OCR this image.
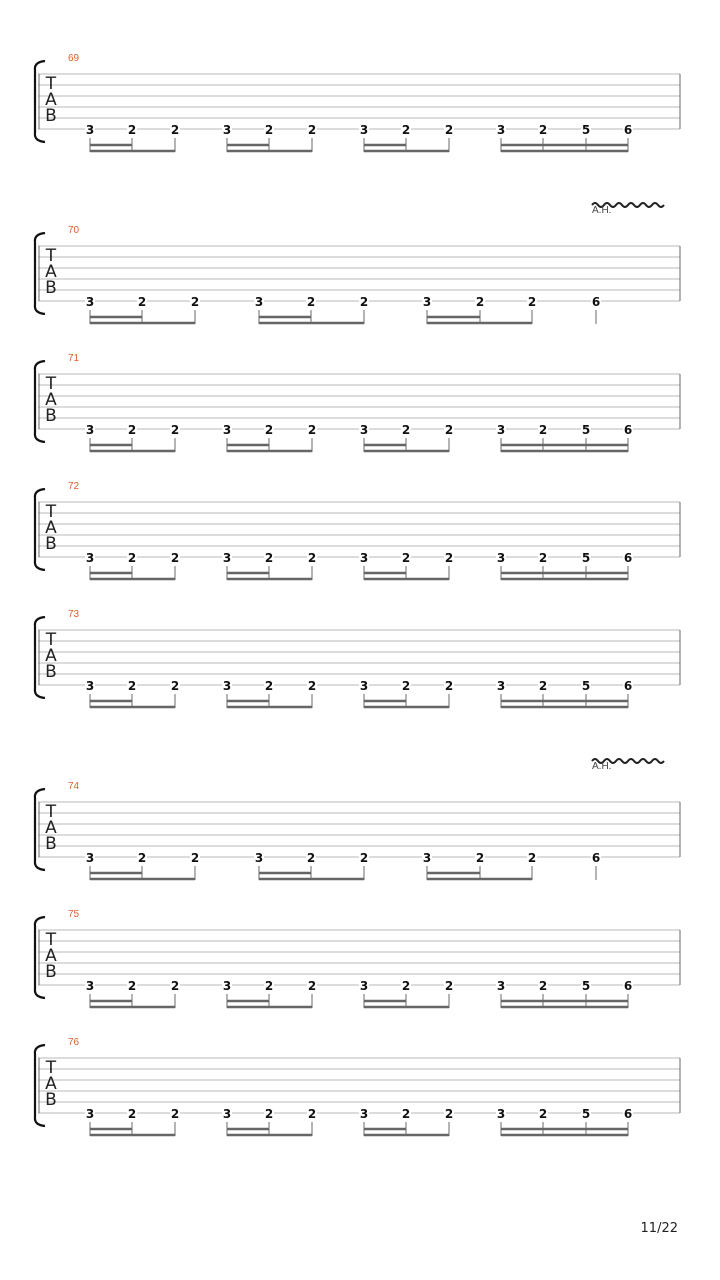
69
T
A
B
3	2	2	3	2	2	3	2	2	3	2	5	6
70
T
A
B
3	2	2	3	2	2	3	2	2	6
A.H.
71
T
A
B
3	2	2	3	2	2	3	2	2	3	2	5	6
72
T
A
B
3	2	2	3	2	2	3	2	2	3	2	5	6
73
T
A
B
3	2	2	3	2	2	3	2	2	3	2	5	6
74
T
A
B
3	2	2	3	2	2	3	2	2	6
A.H.
75
T
A
B
3	2	2	3	2	2	3	2	2	3	2	5	6
76
T
A
B
3	2	2	3	2	2	3	2	2	3	2	5	6
11/22
